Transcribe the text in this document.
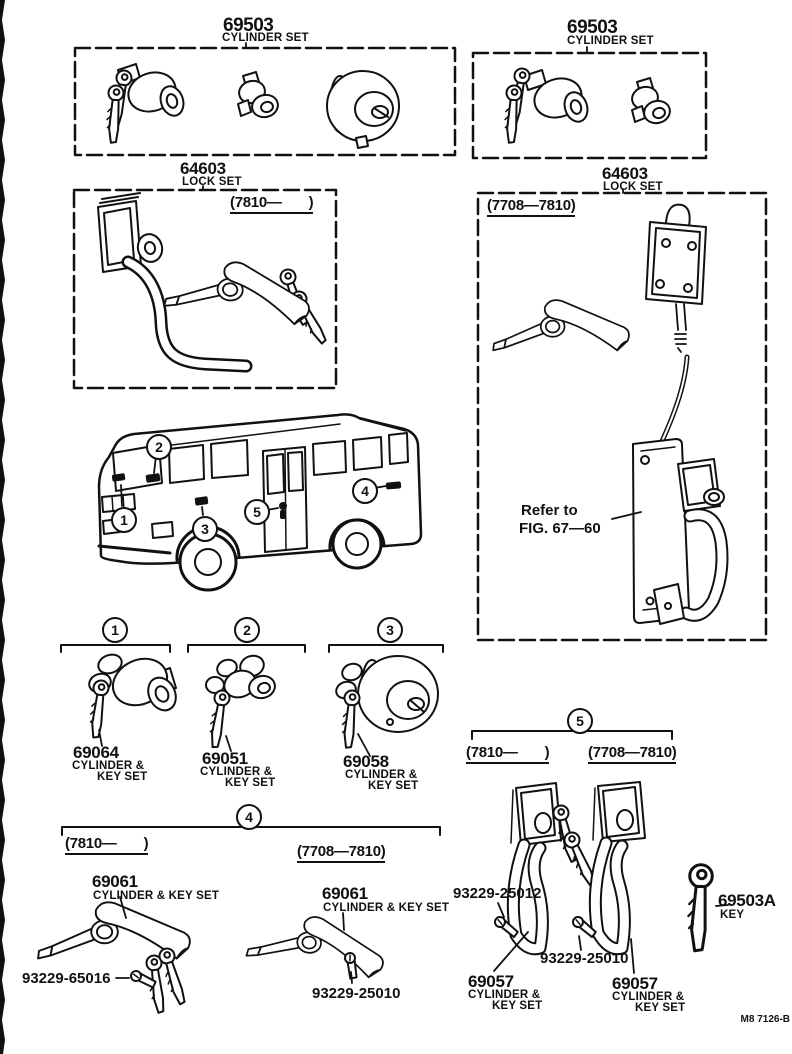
69503
CYLINDER SET	69503
CYLINDER SET
64603
LOCK SET
(7810—       )
64603
LOCK SET
(7708—7810)
Refer to
FIG. 67—60
1
2
3
4
5
1	2	3
5
4
69064
CYLINDER &
KEY SET
69051
CYLINDER &
KEY SET
69058
CYLINDER &
KEY SET
(7810—       )	(7708—7810)
93229-25012
93229-25010
69057
CYLINDER &
KEY SET
69057
CYLINDER &
KEY SET
69503A
KEY
(7810—       )	(7708—7810)
69061
CYLINDER & KEY SET
93229-65016
69061
CYLINDER & KEY SET
93229-25010
M8 7126-B
